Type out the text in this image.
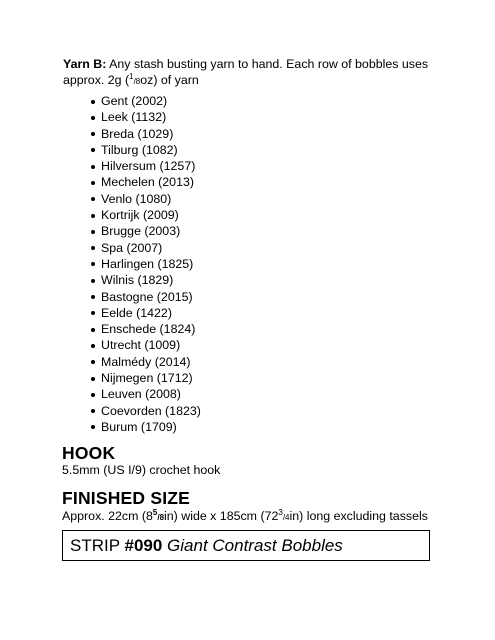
Yarn B: Any stash busting yarn to hand. Each row of bobbles uses approx. 2g ($^1$/8oz) of yarn

Gent (2002)
Leek (1132)
Breda (1029)
Tilburg (1082)
Hilversum (1257)
Mechelen (2013)
Venlo (1080)
Kortrijk (2009)
Brugge (2003)
Spa (2007)
Harlingen (1825)
Wilnis (1829)
Bastogne (2015)
Eelde (1422)
Enschede (1824)
Utrecht (1009)
Malmédy (2014)
Nijmegen (1712)
Leuven (2008)
Coevorden (1823)
Burum (1709)
HOOK

5.5mm (US I/9) crochet hook

FINISHED SIZE

Approx. 22cm $(8^5/8in)$ wide x 185cm $(72^3/4in)$ long excluding tassels

STRIP #090 Giant Contrast Bobbles
